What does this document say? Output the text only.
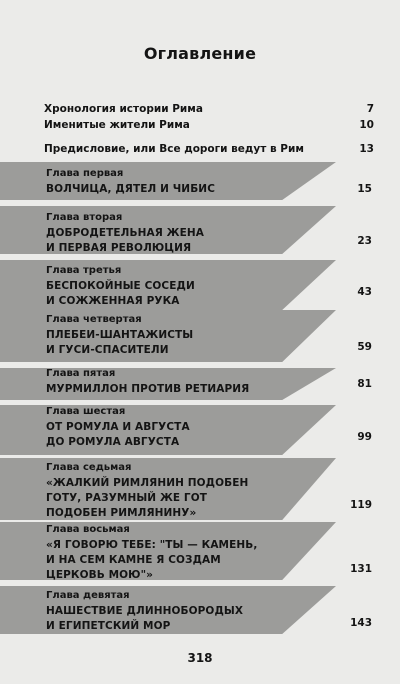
Оглавление
Хронология истории Рима	7
Именитые жители Рима	10
Предисловие, или Все дороги ведут в Рим	13
Глава первая
ВОЛЧИЦА, ДЯТЕЛ И ЧИБИС	15
Глава вторая
ДОБРОДЕТЕЛЬНАЯ ЖЕНА
И ПЕРВАЯ РЕВОЛЮЦИЯ
23
Глава третья
БЕСПОКОЙНЫЕ СОСЕДИ
И СОЖЖЕННАЯ РУКА
43
Глава четвертая
ПЛЕБЕИ-ШАНТАЖИСТЫ
И ГУСИ-СПАСИТЕЛИ	59
Глава пятая
МУРМИЛЛОН ПРОТИВ РЕТИАРИЯ	81
Глава шестая
ОТ РОМУЛА И АВГУСТА
ДО РОМУЛА АВГУСТА	99
Глава седьмая
«ЖАЛКИЙ РИМЛЯНИН ПОДОБЕН
ГОТУ, РАЗУМНЫЙ ЖЕ ГОТ
ПОДОБЕН РИМЛЯНИНУ»
119
Глава восьмая
«Я ГОВОРЮ ТЕБЕ: "ТЫ — КАМЕНЬ,
И НА СЕМ КАМНЕ Я СОЗДАМ
ЦЕРКОВЬ МОЮ"»	131
Глава девятая
НАШЕСТВИЕ ДЛИННОБОРОДЫХ
И ЕГИПЕТСКИЙ МОР	143
318
